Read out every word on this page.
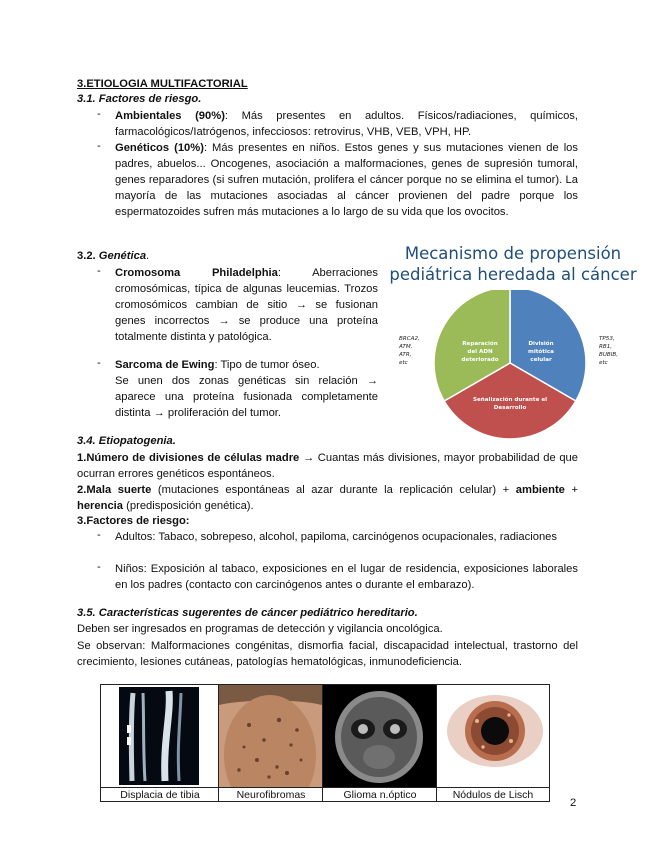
3.ETIOLOGIA MULTIFACTORIAL
3.1. Factores de riesgo.
- Ambientales (90%): Más presentes en adultos. Físicos/radiaciones, químicos, farmacológicos/Iatrógenos, infecciosos: retrovirus, VHB, VEB, VPH, HP.
- Genéticos (10%): Más presentes en niños. Estos genes y sus mutaciones vienen de los padres, abuelos... Oncogenes, asociación a malformaciones, genes de supresión tumoral, genes reparadores (si sufren mutación, prolifera el cáncer porque no se elimina el tumor). La mayoría de las mutaciones asociadas al cáncer provienen del padre porque los espermatozoides sufren más mutaciones a lo largo de su vida que los ovocitos.
3.2. Genética.
- Cromosoma Philadelphia: Aberraciones cromosómicas, típica de algunas leucemias. Trozos cromosómicos cambian de sitio → se fusionan genes incorrectos → se produce una proteína totalmente distinta y patológica.
- Sarcoma de Ewing: Tipo de tumor óseo.
Se unen dos zonas genéticas sin relación → aparece una proteína fusionada completamente distinta → proliferación del tumor.
Mecanismo de propensión
pediátrica heredada al cáncer
Reparación del ADN deteriorado
División mitótica celular
Señalización durante el Desarrollo
BRCA2, ATM, ATR, etc
TP53, RB1, BUBIB, etc
3.4. Etiopatogenia.
1.Número de divisiones de células madre → Cuantas más divisiones, mayor probabilidad de que ocurran errores genéticos espontáneos.
2.Mala suerte (mutaciones espontáneas al azar durante la replicación celular) + ambiente + herencia (predisposición genética).
3.Factores de riesgo:
- Adultos: Tabaco, sobrepeso, alcohol, papiloma, carcinógenos ocupacionales, radiaciones
- Niños: Exposición al tabaco, exposiciones en el lugar de residencia, exposiciones laborales en los padres (contacto con carcinógenos antes o durante el embarazo).
3.5. Características sugerentes de cáncer pediátrico hereditario.
Deben ser ingresados en programas de detección y vigilancia oncológica.
Se observan: Malformaciones congénitas, dismorfia facial, discapacidad intelectual, trastorno del crecimiento, lesiones cutáneas, patologías hematológicas, inmunodeficiencia.
Displacia de tibia	Neurofibromas	Glioma n.óptico	Nódulos de Lisch
2
